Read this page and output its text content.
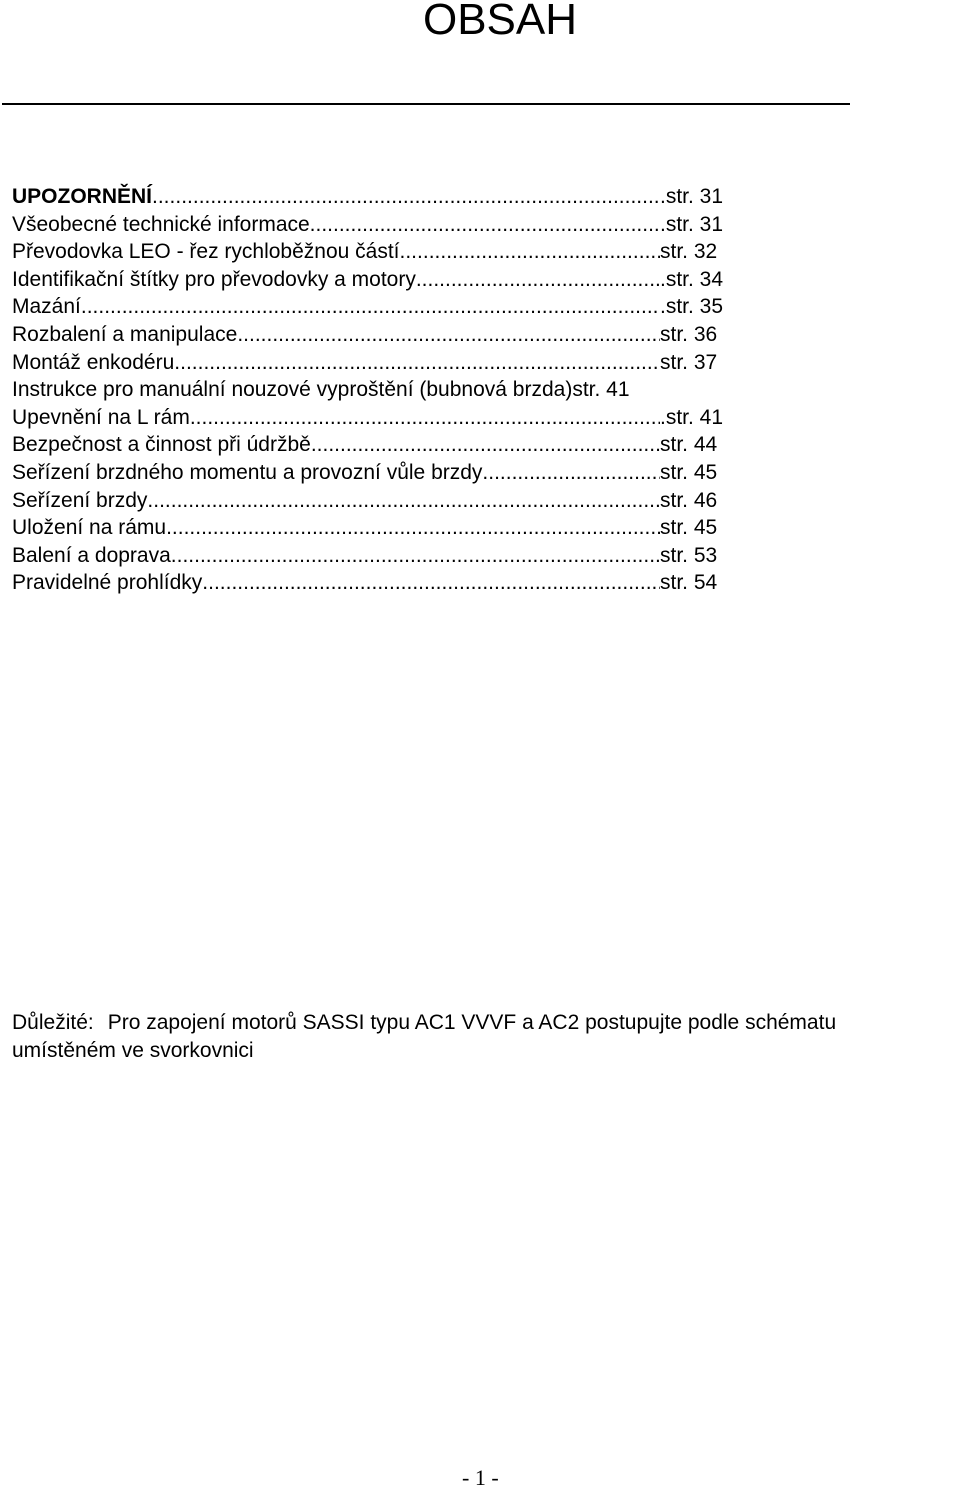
OBSAH
UPOZORNĚNÍ .....	.str. 31
Všeobecné technické informace .....	.str. 31
Převodovka LEO - řez rychloběžnou částí .....	str. 32
Identifikační štítky pro převodovky a motory .....	.str. 34
Mazání .....	.str. 35
Rozbalení a manipulace .....	str. 36
Montáž enkodéru .....	str. 37
Instrukce pro manuální nouzové vyproštění (bubnová brzda) str. 41
Upevnění na L rám .....	.str. 41
Bezpečnost a činnost při údržbě .....	str. 44
Seřízení brzdného momentu a provozní vůle brzdy .....	str. 45
Seřízení brzdy .....	str. 46
Uložení na rámu .....	str. 45
Balení a doprava .....	str. 53
Pravidelné prohlídky .....	str. 54
Důležité: Pro zapojení motorů SASSI typu AC1 VVVF a AC2 postupujte podle schématu
umístěném ve svorkovnici

- 1 -
